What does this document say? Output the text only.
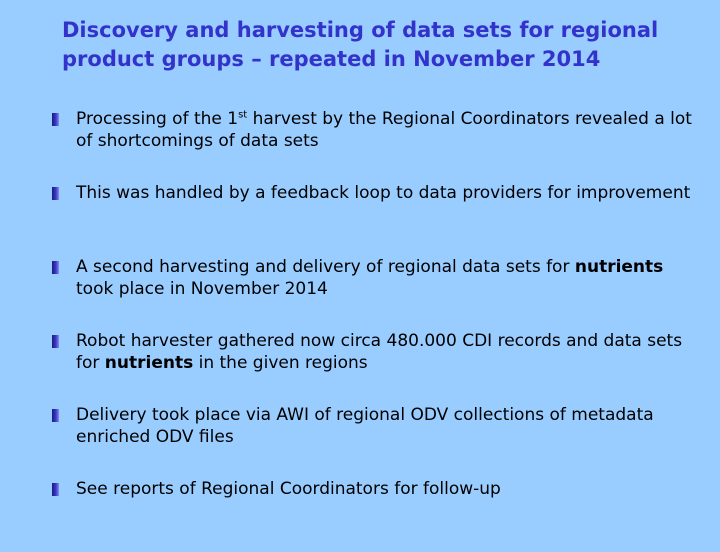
Discovery and harvesting of data sets for regional product groups – repeated in November 2014
Processing of the 1st harvest by the Regional Coordinators revealed a lot of shortcomings of data sets
This was handled by a feedback loop to data providers for improvement
A second harvesting and delivery of regional data sets for nutrients took place in November 2014
Robot harvester gathered now circa 480.000 CDI records and data sets for nutrients in the given regions
Delivery took place via AWI of regional ODV collections of metadata enriched ODV files
See reports of Regional Coordinators for follow-up
